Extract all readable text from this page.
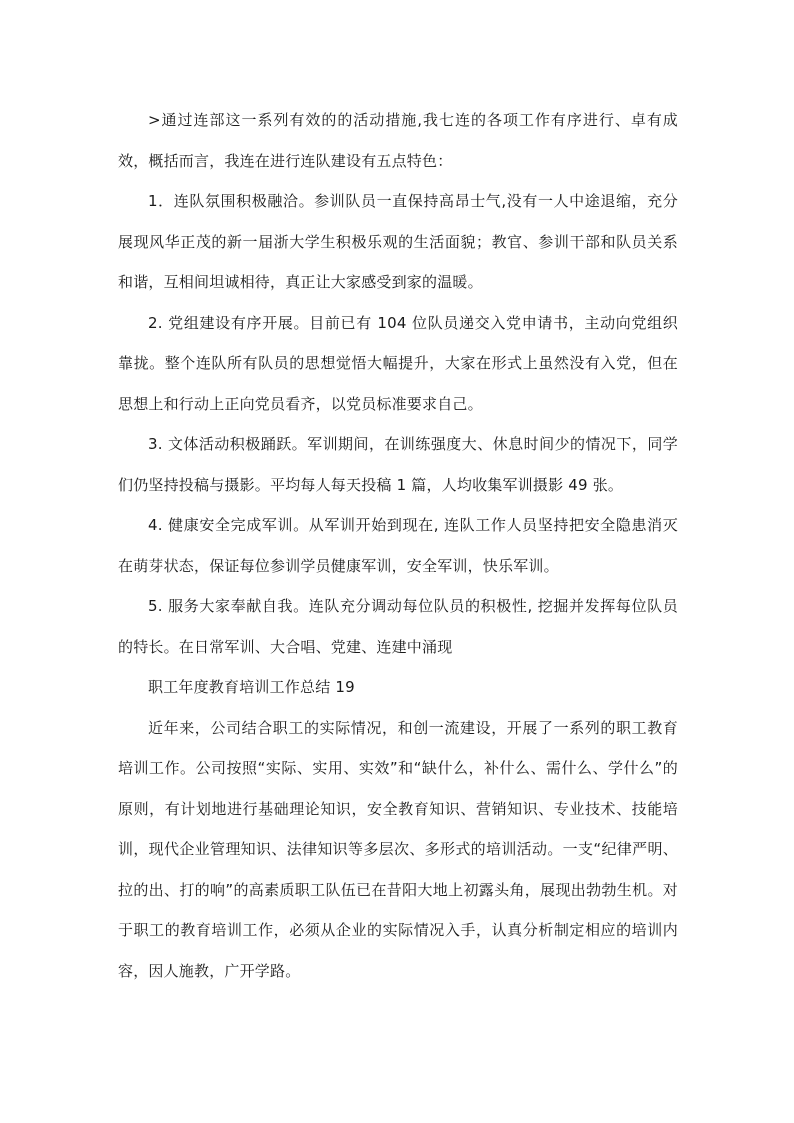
>通过连部这一系列有效的的活动措施,我七连的各项工作有序进行、卓有成效，概括而言，我连在进行连队建设有五点特色：

1．连队氛围积极融洽。参训队员一直保持高昂士气,没有一人中途退缩，充分展现风华正茂的新一届浙大学生积极乐观的生活面貌；教官、参训干部和队员关系和谐，互相间坦诚相待，真正让大家感受到家的温暖。

2. 党组建设有序开展。目前已有 104 位队员递交入党申请书，主动向党组织靠拢。整个连队所有队员的思想觉悟大幅提升，大家在形式上虽然没有入党，但在思想上和行动上正向党员看齐，以党员标准要求自己。

3. 文体活动积极踊跃。军训期间，在训练强度大、休息时间少的情况下，同学们仍坚持投稿与摄影。平均每人每天投稿 1 篇，人均收集军训摄影 49 张。

4. 健康安全完成军训。从军训开始到现在, 连队工作人员坚持把安全隐患消灭在萌芽状态，保证每位参训学员健康军训，安全军训，快乐军训。

5. 服务大家奉献自我。连队充分调动每位队员的积极性, 挖掘并发挥每位队员的特长。在日常军训、大合唱、党建、连建中涌现

职工年度教育培训工作总结 19

近年来，公司结合职工的实际情况，和创一流建设，开展了一系列的职工教育培训工作。公司按照“实际、实用、实效”和“缺什么，补什么、需什么、学什么”的原则，有计划地进行基础理论知识，安全教育知识、营销知识、专业技术、技能培训，现代企业管理知识、法律知识等多层次、多形式的培训活动。一支“纪律严明、拉的出、打的响”的高素质职工队伍已在昔阳大地上初露头角，展现出勃勃生机。对于职工的教育培训工作，必须从企业的实际情况入手，认真分析制定相应的培训内容，因人施教，广开学路。
